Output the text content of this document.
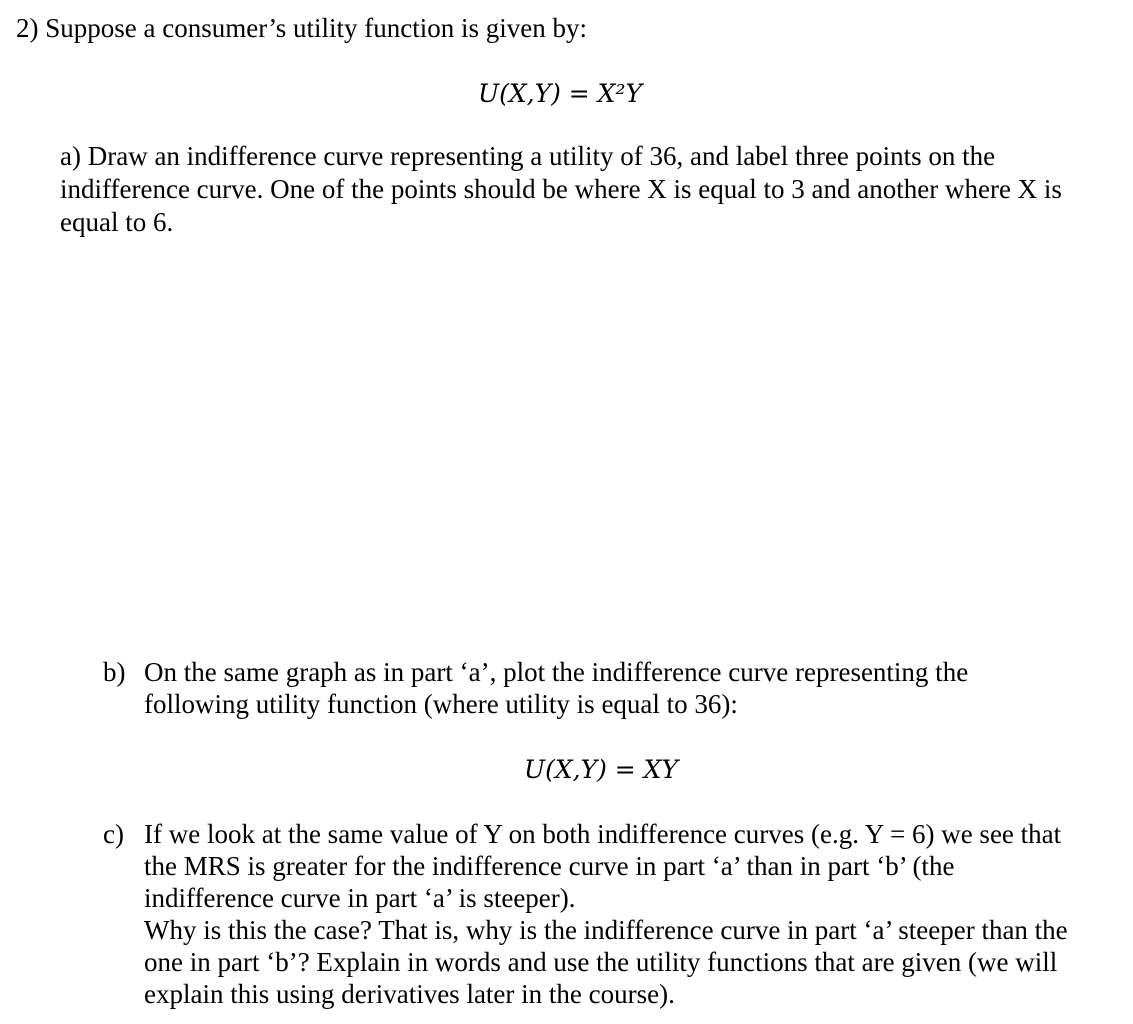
2) Suppose a consumer’s utility function is given by:
U(X,Y) = X²Y
a) Draw an indifference curve representing a utility of 36, and label three points on the
indifference curve. One of the points should be where X is equal to 3 and another where X is
equal to 6.
b) On the same graph as in part ‘a’, plot the indifference curve representing the
following utility function (where utility is equal to 36):
U(X,Y) = XY
c) If we look at the same value of Y on both indifference curves (e.g. Y = 6) we see that
the MRS is greater for the indifference curve in part ‘a’ than in part ‘b’ (the
indifference curve in part ‘a’ is steeper).
Why is this the case? That is, why is the indifference curve in part ‘a’ steeper than the
one in part ‘b’? Explain in words and use the utility functions that are given (we will
explain this using derivatives later in the course).
